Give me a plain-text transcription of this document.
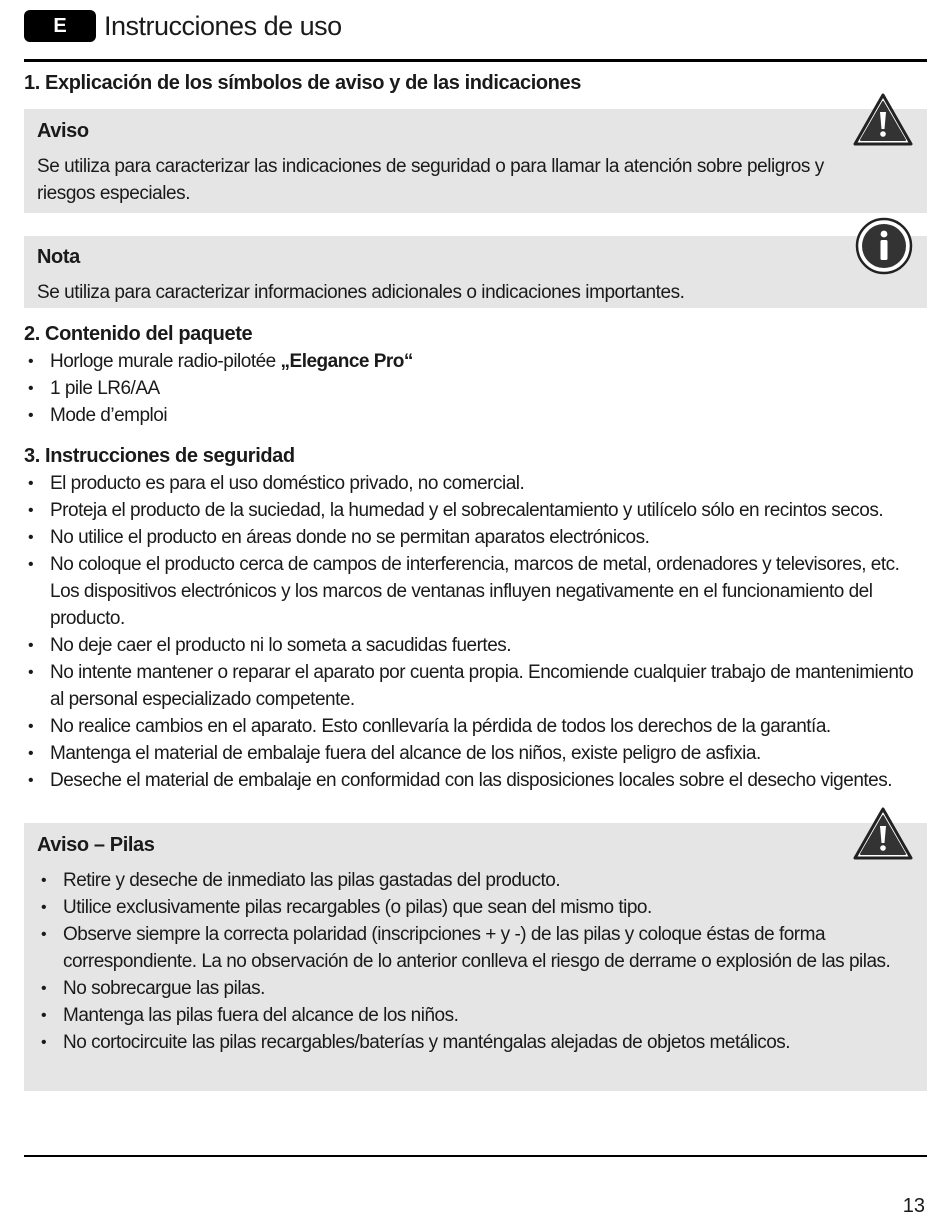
E	Instrucciones de uso
1. Explicación de los símbolos de aviso y de las indicaciones
Aviso
Se utiliza para caracterizar las indicaciones de seguridad o para llamar la atención sobre peligros y riesgos especiales.
Nota
Se utiliza para caracterizar informaciones adicionales o indicaciones importantes.
2. Contenido del paquete
• Horloge murale radio-pilotée „Elegance Pro“
• 1 pile LR6/AA
• Mode d’emploi
3. Instrucciones de seguridad
• El producto es para el uso doméstico privado, no comercial.
• Proteja el producto de la suciedad, la humedad y el sobrecalentamiento y utilícelo sólo en recintos secos.
• No utilice el producto en áreas donde no se permitan aparatos electrónicos.
• No coloque el producto cerca de campos de interferencia, marcos de metal, ordenadores y televisores, etc. Los dispositivos electrónicos y los marcos de ventanas influyen negativamente en el funcionamiento del producto.
• No deje caer el producto ni lo someta a sacudidas fuertes.
• No intente mantener o reparar el aparato por cuenta propia. Encomiende cualquier trabajo de mantenimiento al personal especializado competente.
• No realice cambios en el aparato. Esto conllevaría la pérdida de todos los derechos de la garantía.
• Mantenga el material de embalaje fuera del alcance de los niños, existe peligro de asfixia.
• Deseche el material de embalaje en conformidad con las disposiciones locales sobre el desecho vigentes.
Aviso – Pilas
• Retire y deseche de inmediato las pilas gastadas del producto.
• Utilice exclusivamente pilas recargables (o pilas) que sean del mismo tipo.
• Observe siempre la correcta polaridad (inscripciones + y -) de las pilas y coloque éstas de forma correspondiente. La no observación de lo anterior conlleva el riesgo de derrame o explosión de las pilas.
• No sobrecargue las pilas.
• Mantenga las pilas fuera del alcance de los niños.
• No cortocircuite las pilas recargables/baterías y manténgalas alejadas de objetos metálicos.
13
